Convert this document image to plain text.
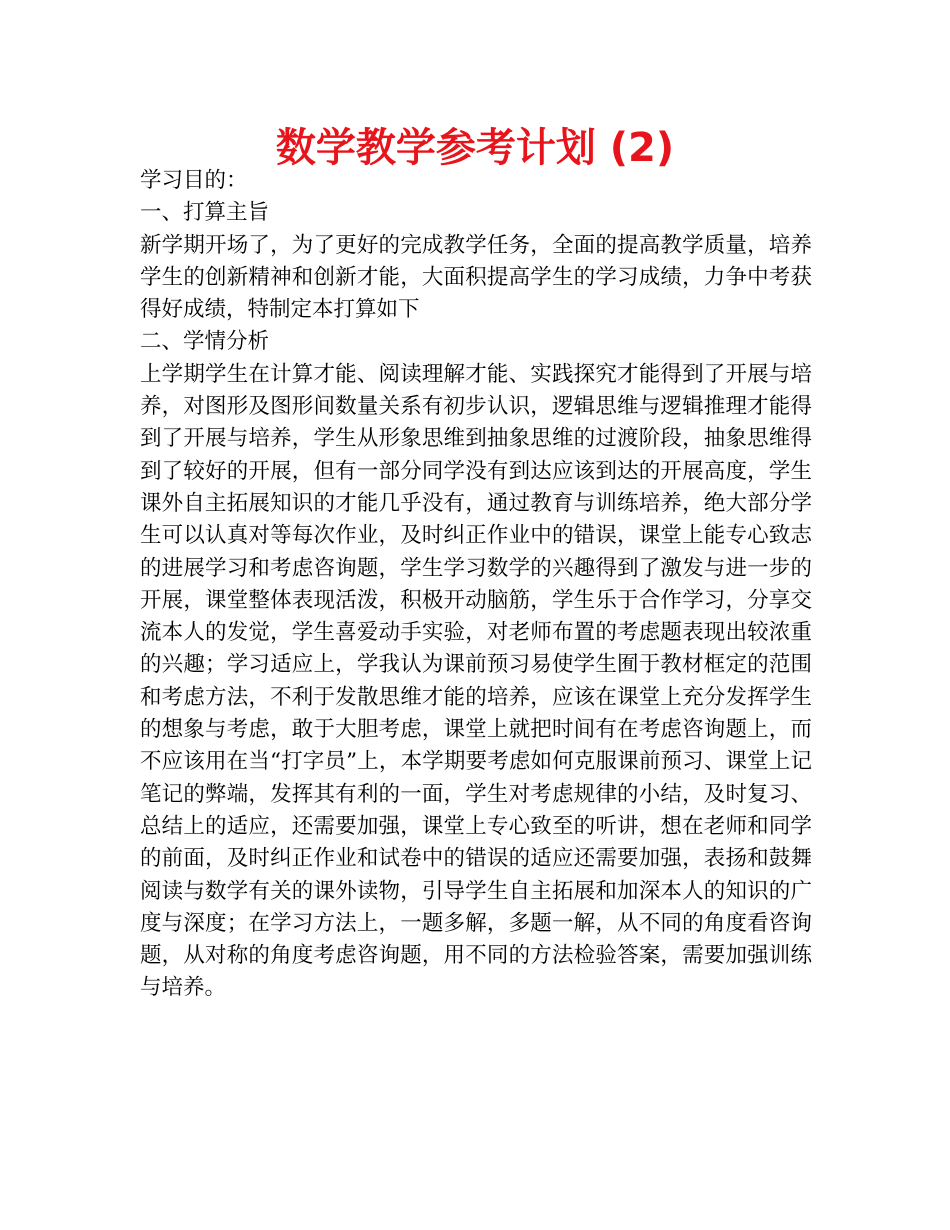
数学教学参考计划 (2)

学习目的：

一、打算主旨

新学期开场了，为了更好的完成教学任务，全面的提高教学质量，培养学生的创新精神和创新才能，大面积提高学生的学习成绩，力争中考获得好成绩，特制定本打算如下

二、学情分析

上学期学生在计算才能、阅读理解才能、实践探究才能得到了开展与培养，对图形及图形间数量关系有初步认识，逻辑思维与逻辑推理才能得到了开展与培养，学生从形象思维到抽象思维的过渡阶段，抽象思维得到了较好的开展，但有一部分同学没有到达应该到达的开展高度，学生课外自主拓展知识的才能几乎没有，通过教育与训练培养，绝大部分学生可以认真对等每次作业，及时纠正作业中的错误，课堂上能专心致志的进展学习和考虑咨询题，学生学习数学的兴趣得到了激发与进一步的开展，课堂整体表现活泼，积极开动脑筋，学生乐于合作学习，分享交流本人的发觉，学生喜爱动手实验，对老师布置的考虑题表现出较浓重的兴趣；学习适应上，学我认为课前预习易使学生囿于教材框定的范围和考虑方法，不利于发散思维才能的培养，应该在课堂上充分发挥学生的想象与考虑，敢于大胆考虑，课堂上就把时间有在考虑咨询题上，而不应该用在当“打字员”上，本学期要考虑如何克服课前预习、课堂上记笔记的弊端，发挥其有利的一面，学生对考虑规律的小结，及时复习、总结上的适应，还需要加强，课堂上专心致至的听讲，想在老师和同学的前面，及时纠正作业和试卷中的错误的适应还需要加强，表扬和鼓舞阅读与数学有关的课外读物，引导学生自主拓展和加深本人的知识的广度与深度；在学习方法上，一题多解，多题一解，从不同的角度看咨询题，从对称的角度考虑咨询题，用不同的方法检验答案，需要加强训练与培养。
